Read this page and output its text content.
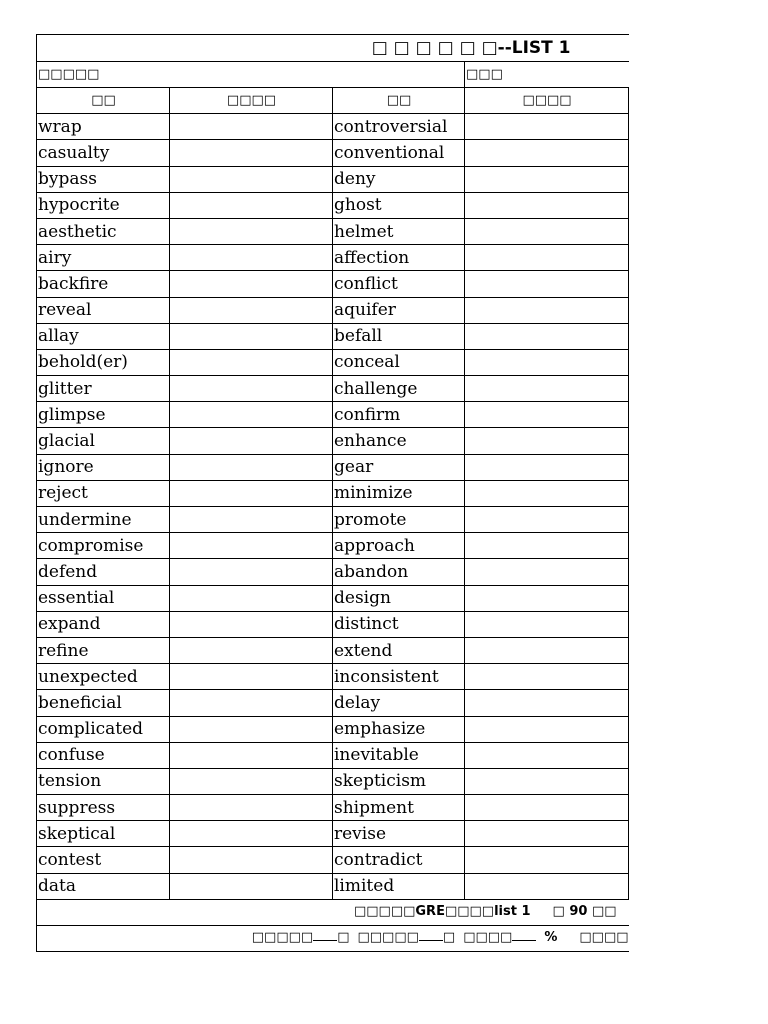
□ □ □ □ □ □--LIST 1			
□□□□□			□□□
□□	□□□□	□□	□□□□
wrap		controversial	
casualty		conventional	
bypass		deny	
hypocrite		ghost	
aesthetic		helmet	
airy		affection	
backfire		conflict	
reveal		aquifer	
allay		befall	
behold(er)		conceal	
glitter		challenge	
glimpse		confirm	
glacial		enhance	
ignore		gear	
reject		minimize	
undermine		promote	
compromise		approach	
defend		abandon	
essential		design	
expand		distinct	
refine		extend	
unexpected		inconsistent	
beneficial		delay	
complicated		emphasize	
confuse		inevitable	
tension		skepticism	
suppress		shipment	
skeptical		revise	
contest		contradict	
data		limited	
□□□□□GRE□□□□list 1 □ 90 □□			
□□□□□ □ □□□□□ □ □□□□ % □□□□			
